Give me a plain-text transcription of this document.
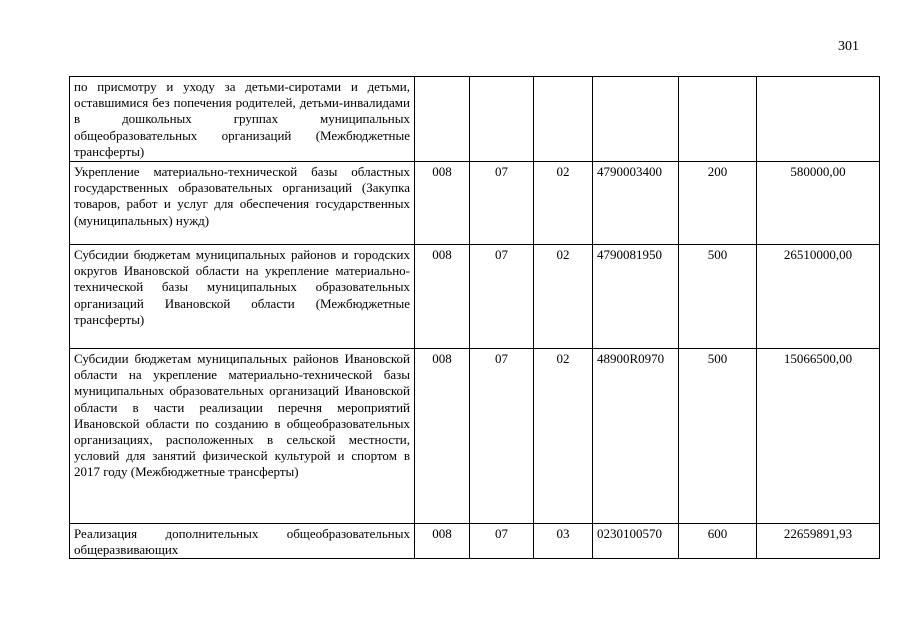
301
по присмотру и уходу за детьми-сиротами и детьми, оставшимися без попечения родителей, детьми-инвалидами в дошкольных группах муниципальных общеобразовательных организаций (Межбюджетные трансферты)						
Укрепление материально-технической базы областных государственных образовательных организаций (Закупка товаров, работ и услуг для обеспечения государственных (муниципальных) нужд)	008	07	02	4790003400	200	580000,00
Субсидии бюджетам муниципальных районов и городских округов Ивановской области на укрепление материально-технической базы муниципальных образовательных организаций Ивановской области (Межбюджетные трансферты)	008	07	02	4790081950	500	26510000,00
Субсидии бюджетам муниципальных районов Ивановской области на укрепление материально-технической базы муниципальных образовательных организаций Ивановской области в части реализации перечня мероприятий Ивановской области по созданию в общеобразовательных организациях, расположенных в сельской местности, условий для занятий физической культурой и спортом в 2017 году (Межбюджетные трансферты)	008	07	02	48900R0970	500	15066500,00
Реализация дополнительных общеобразовательных общеразвивающих	008	07	03	0230100570	600	22659891,93
